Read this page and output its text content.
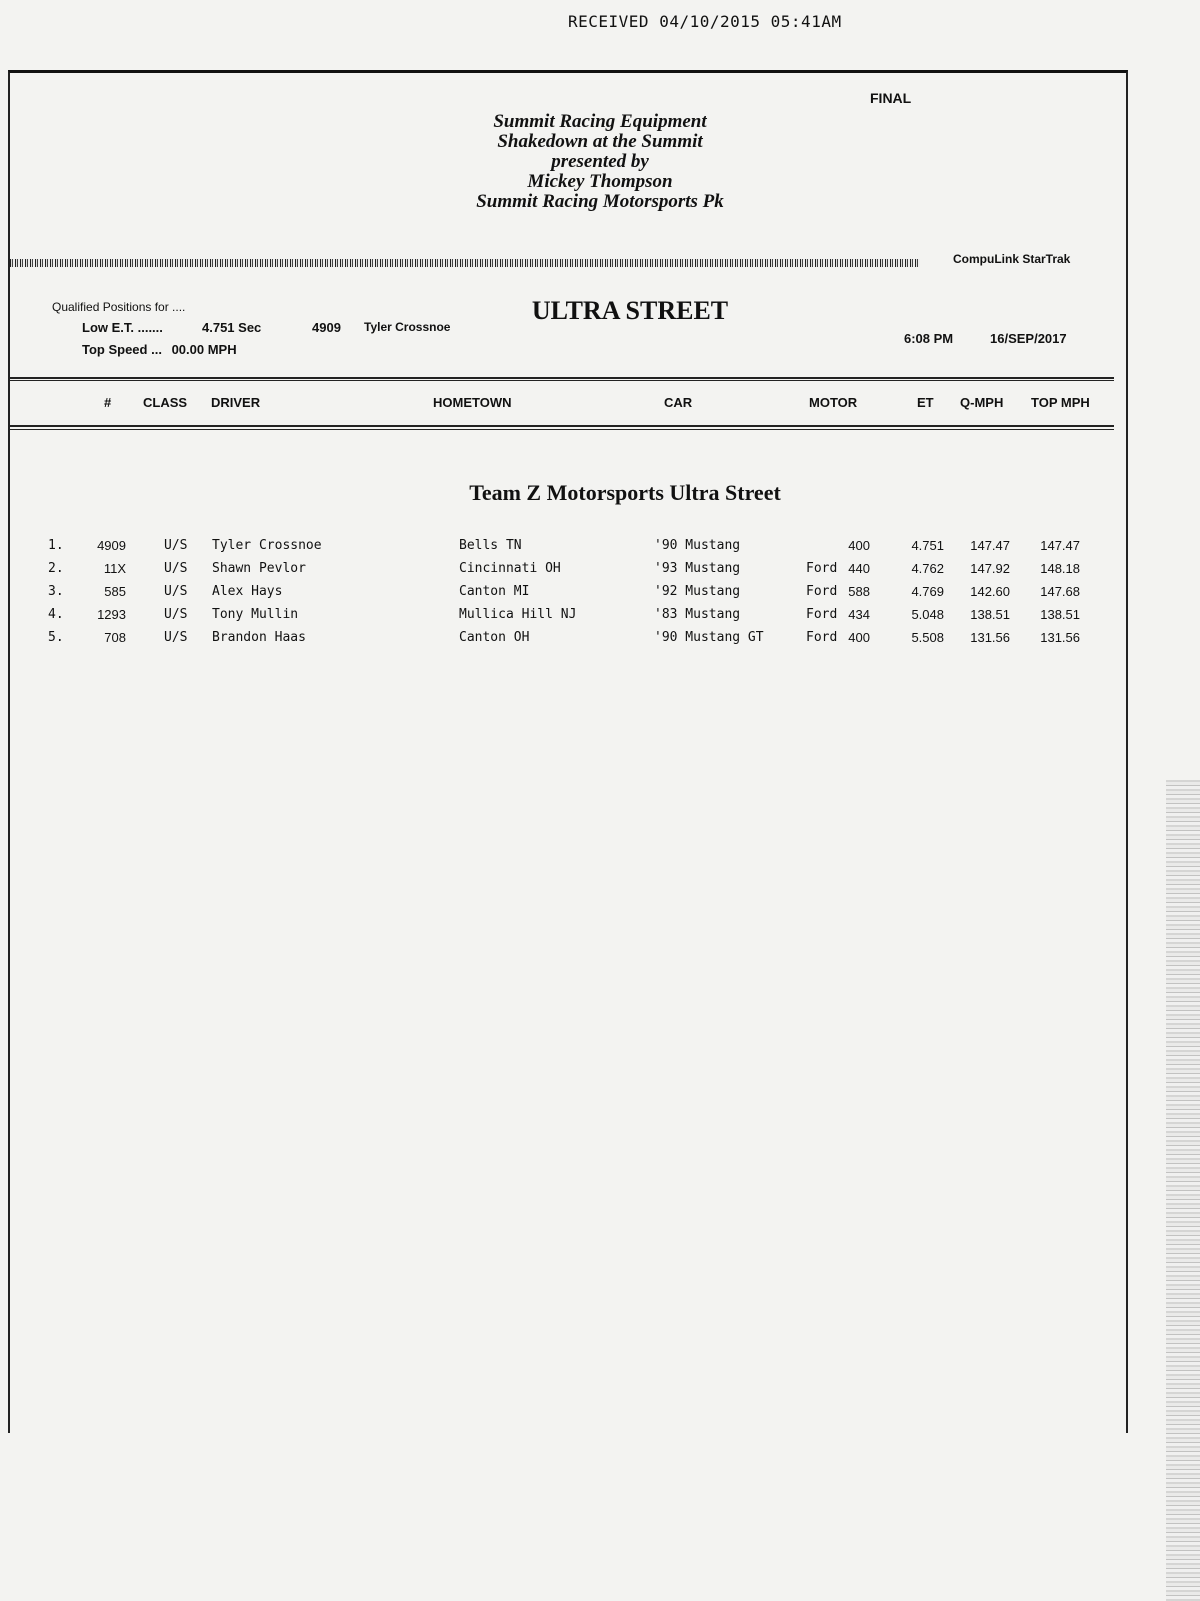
RECEIVED 04/10/2015 05:41AM
FINAL
Summit Racing Equipment
Shakedown at the Summit
presented by
Mickey Thompson
Summit Racing Motorsports Pk
CompuLink StarTrak
Qualified Positions for ....
Low E.T. .......	4.751 Sec	4909 Tyler Crossnoe
Top Speed ... 00.00 MPH
ULTRA STREET
6:08 PM	16/SEP/2017
# CLASS DRIVER	HOMETOWN	CAR	MOTOR	ET Q-MPH TOP MPH
Team Z Motorsports Ultra Street
1.	4909	U/S Tyler Crossnoe	Bells TN	'90 Mustang	400	4.751	147.47	147.47
2.	11X	U/S Shawn Pevlor	Cincinnati OH	'93 Mustang	Ford 440	4.762	147.92	148.18
3.	585	U/S Alex Hays	Canton MI	'92 Mustang	Ford 588	4.769	142.60	147.68
4.	1293	U/S Tony Mullin	Mullica Hill NJ	'83 Mustang	Ford 434	5.048	138.51	138.51
5.	708	U/S Brandon Haas	Canton OH	'90 Mustang GT	Ford 400	5.508	131.56	131.56
